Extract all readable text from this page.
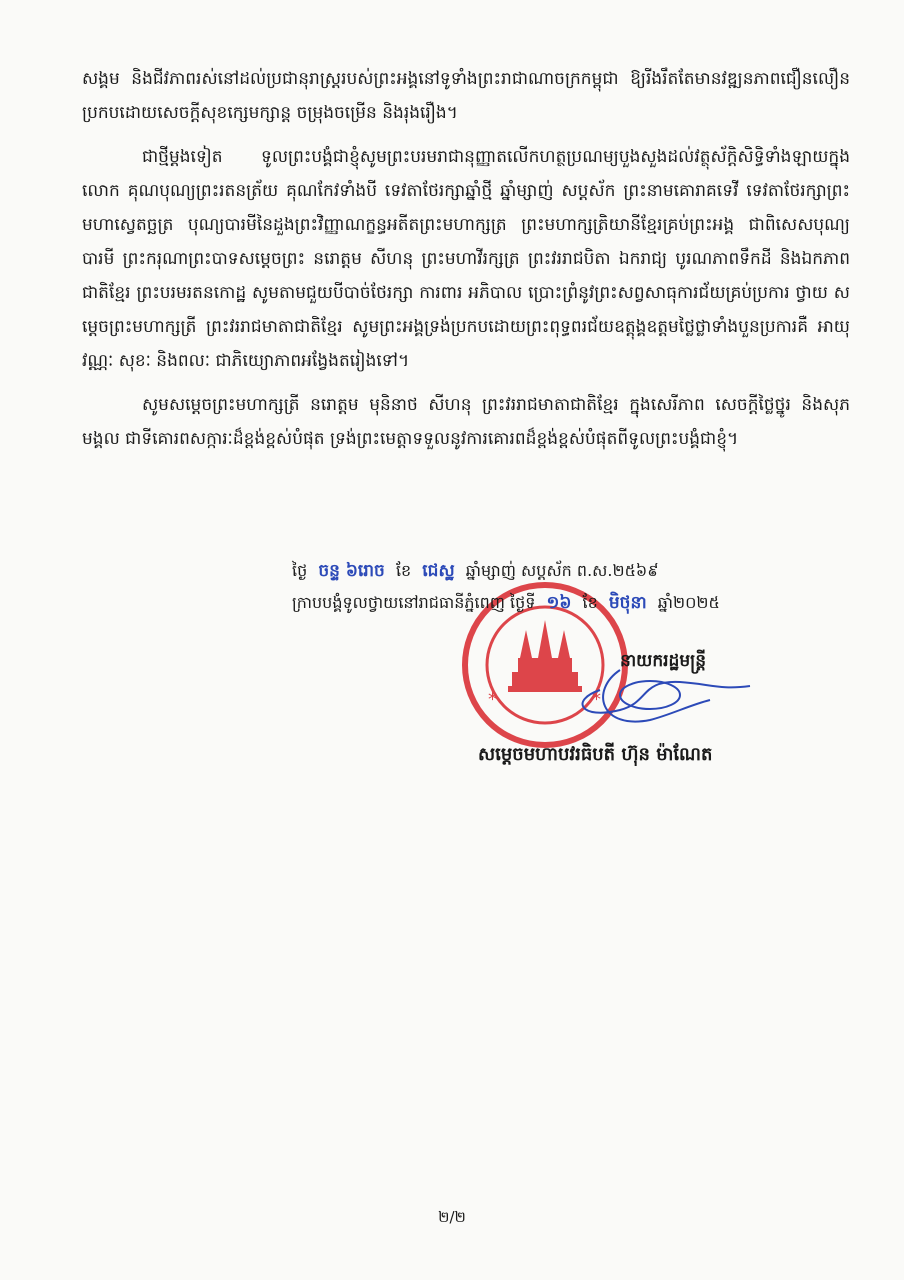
សង្គម និងជីវភាពរស់នៅដល់ប្រជានុរាស្ត្ររបស់ព្រះអង្គនៅទូទាំងព្រះរាជាណាចក្រកម្ពុជា ឱ្យរីងរឹតតែមានវឌ្ឍនភាពជឿនលឿន ប្រកបដោយសេចក្តីសុខក្សេមក្សាន្ត ចម្រុងចម្រើន និងរុងរឿង។

ជាថ្មីម្តងទៀត ទូលព្រះបង្គំជាខ្ញុំសូមព្រះបរមរាជានុញ្ញាតលើកហត្ថប្រណម្យបួងសួងដល់វត្ថុស័ក្តិសិទ្ធិទាំងឡាយក្នុងលោក គុណបុណ្យព្រះរតនត្រ័យ គុណកែវទាំងបី ទេវតាថែរក្សាឆ្នាំថ្មី ឆ្នាំម្សាញ់ សប្តស័ក ព្រះនាមគោរាគទេវី ទេវតាថែរក្សាព្រះមហាស្វេតច្ឆត្រ បុណ្យបារមីនៃដួងព្រះវិញ្ញាណក្ខន្ធអតីតព្រះមហាក្សត្រ ព្រះមហាក្សត្រិយានីខ្មែរគ្រប់ព្រះអង្គ ជាពិសេសបុណ្យបារមី ព្រះករុណាព្រះបាទសម្តេចព្រះ នរោត្តម សីហនុ ព្រះមហាវីរក្សត្រ ព្រះវររាជបិតា ឯករាជ្យ បូរណភាពទឹកដី និងឯកភាពជាតិខ្មែរ ព្រះបរមរតនកោដ្ឋ សូមតាមជួយបីបាច់ថែរក្សា ការពារ អភិបាល ប្រោះព្រំនូវព្រះសព្វសាធុការជ័យគ្រប់ប្រការ ថ្វាយ សម្តេចព្រះមហាក្សត្រី ព្រះវររាជមាតាជាតិខ្មែរ សូមព្រះអង្គទ្រង់ប្រកបដោយព្រះពុទ្ធពរជ័យឧត្តុង្គឧត្តមថ្លៃថ្លាទាំងបួនប្រការគឺ អាយុ វណ្ណៈ សុខៈ និងពលៈ ជាភិយ្យោភាពអង្វែងតរៀងទៅ។

សូមសម្តេចព្រះមហាក្សត្រី នរោត្តម មុនិនាថ សីហនុ ព្រះវររាជមាតាជាតិខ្មែរ ក្នុងសេរីភាព សេចក្តីថ្លៃថ្នូរ និងសុភមង្គល ជាទីគោរពសក្ការៈដ៏ខ្ពង់ខ្ពស់បំផុត ទ្រង់ព្រះមេត្តាទទួលនូវការគោរពដ៏ខ្ពង់ខ្ពស់បំផុតពីទូលព្រះបង្គំជាខ្ញុំ។

*	*
ថ្ងៃ ចន្ទ ៦រោច ខែ ជេស្ឋ ឆ្នាំម្សាញ់ សប្តស័ក ព.ស.២៥៦៩
ក្រាបបង្គំទូលថ្វាយនៅរាជធានីភ្នំពេញ ថ្ងៃទី ១៦ ខែ មិថុនា ឆ្នាំ២០២៥
នាយករដ្ឋមន្ត្រី
សម្តេចមហាបវរធិបតី ហ៊ុន ម៉ាណែត
២/២
